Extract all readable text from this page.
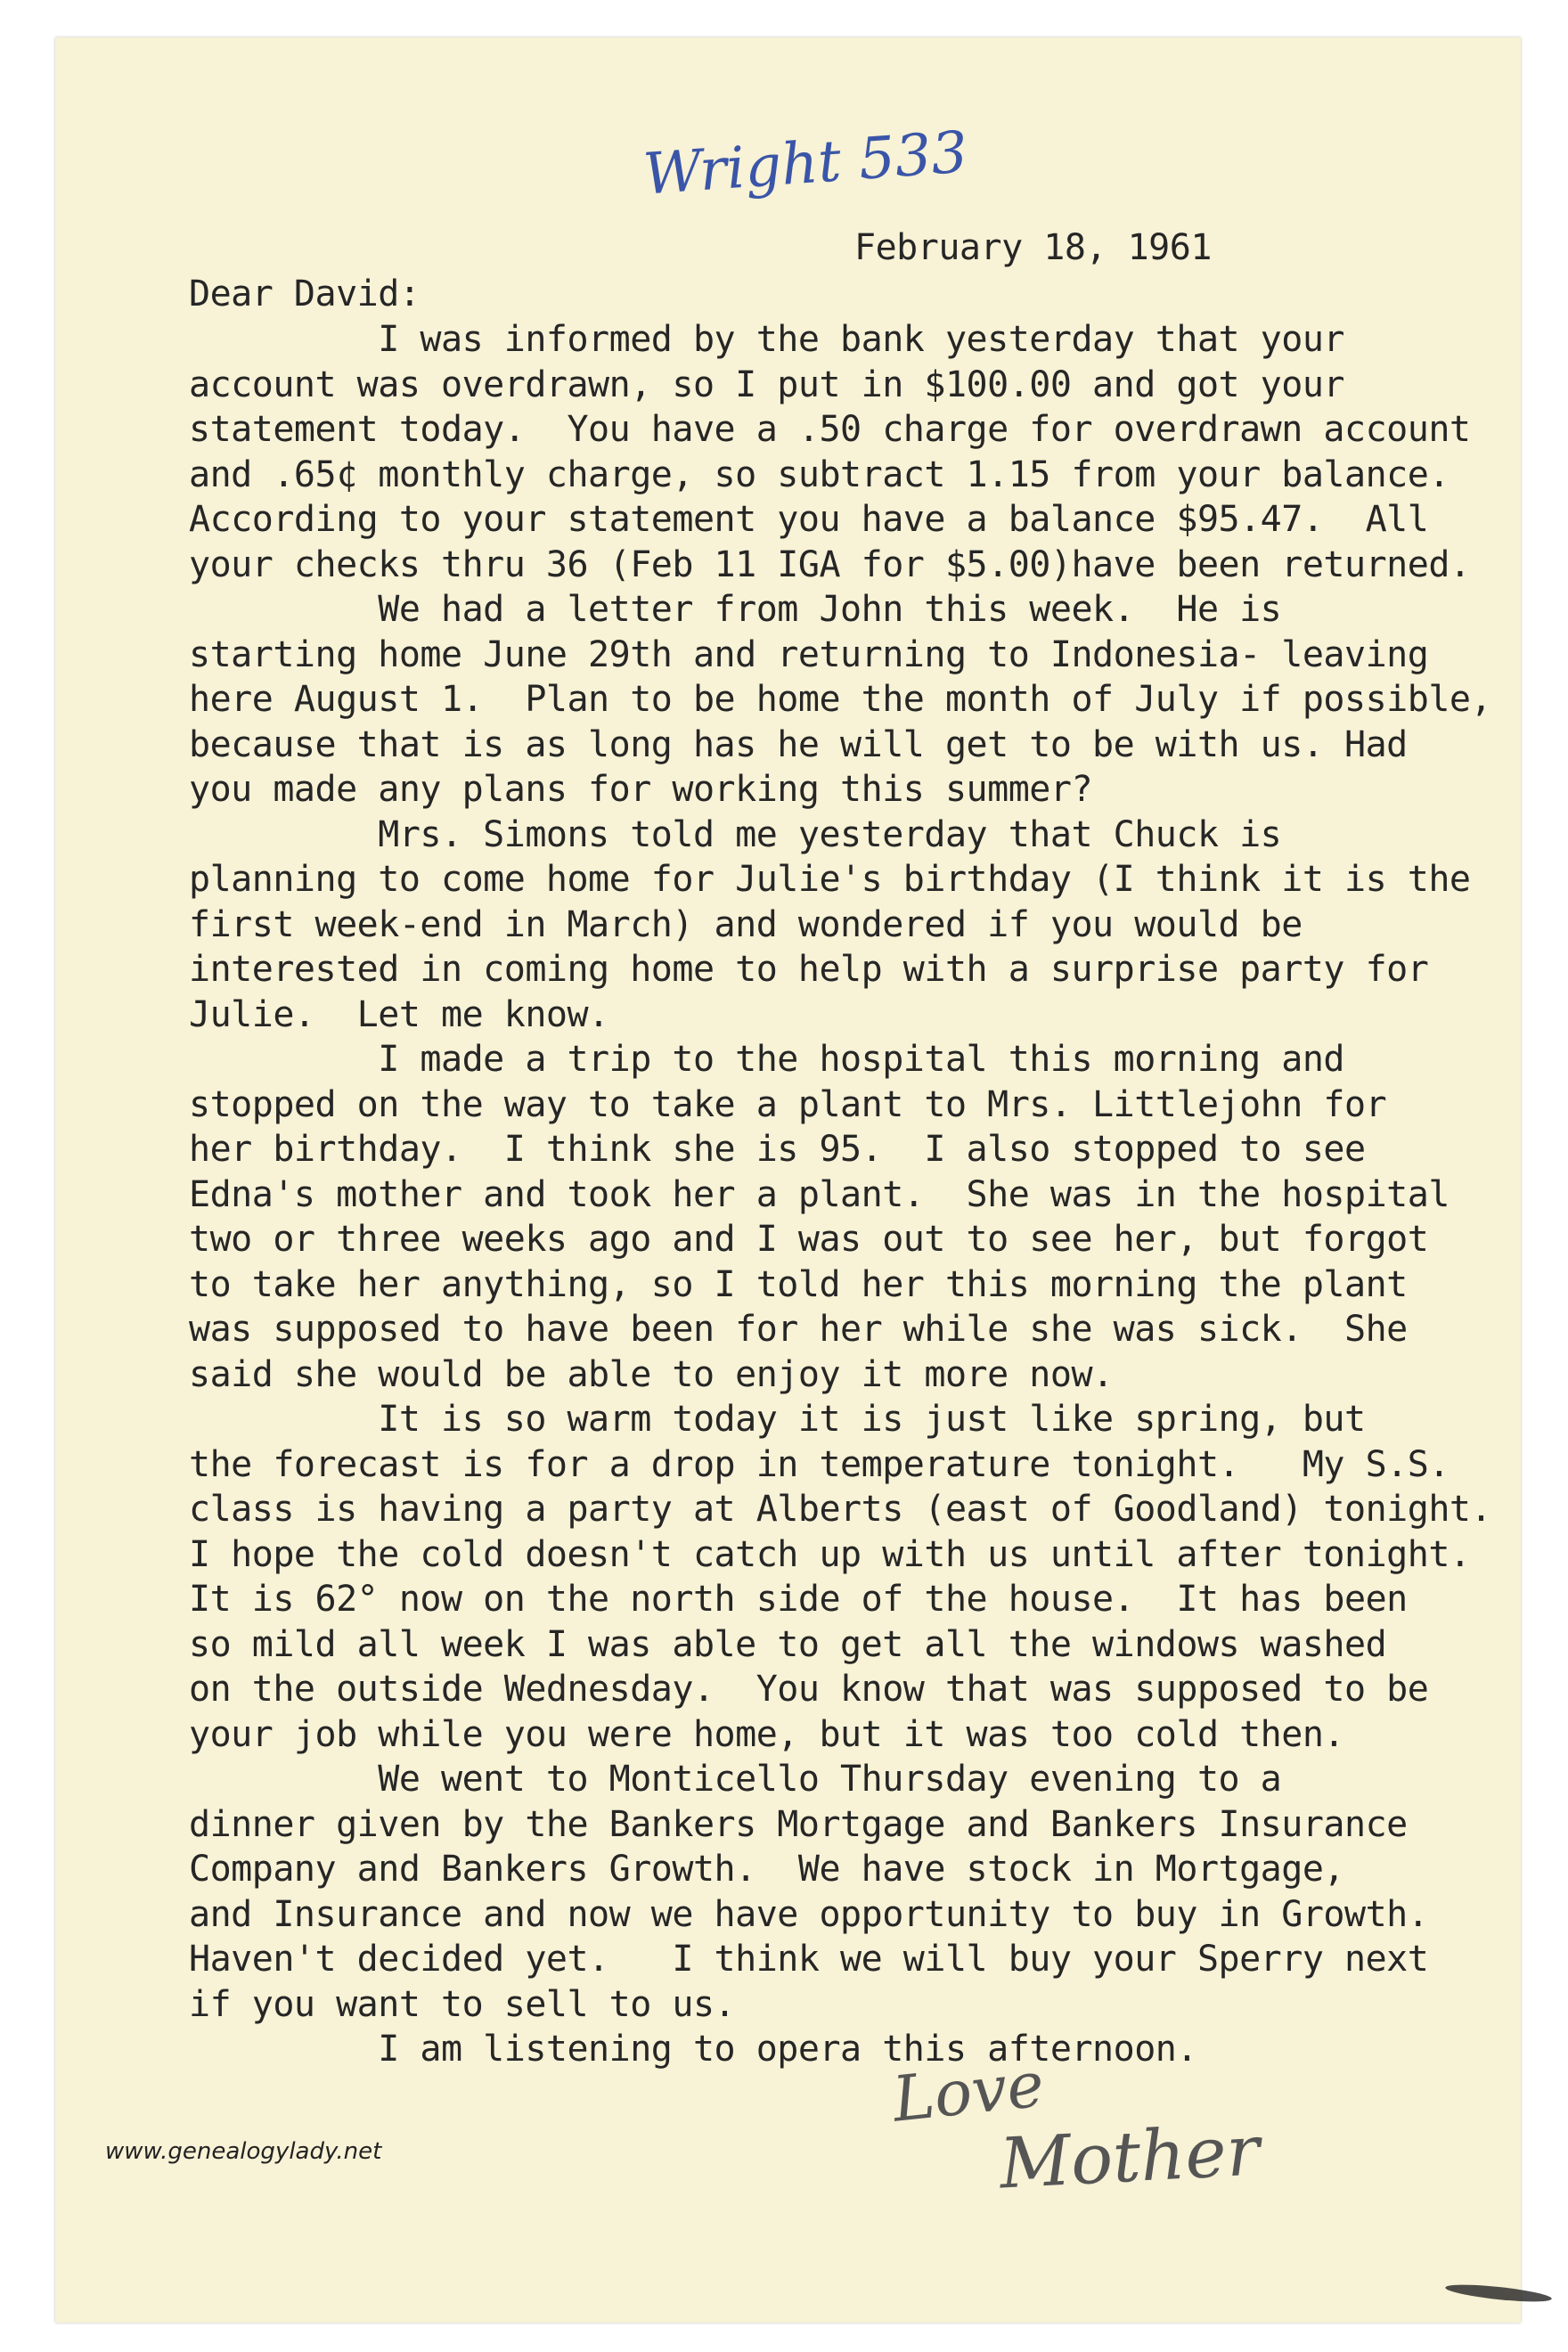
Wright 533

February 18, 1961

Dear David:

I was informed by the bank yesterday that your
account was overdrawn, so I put in $100.00 and got your
statement today.  You have a .50 charge for overdrawn account
and .65¢ monthly charge, so subtract 1.15 from your balance.
According to your statement you have a balance $95.47.  All
your checks thru 36 (Feb 11 IGA for $5.00)have been returned.
We had a letter from John this week.  He is
starting home June 29th and returning to Indonesia- leaving
here August 1.  Plan to be home the month of July if possible,
because that is as long has he will get to be with us. Had
you made any plans for working this summer?
Mrs. Simons told me yesterday that Chuck is
planning to come home for Julie's birthday (I think it is the
first week-end in March) and wondered if you would be
interested in coming home to help with a surprise party for
Julie.  Let me know.
I made a trip to the hospital this morning and
stopped on the way to take a plant to Mrs. Littlejohn for
her birthday.  I think she is 95.  I also stopped to see
Edna's mother and took her a plant.  She was in the hospital
two or three weeks ago and I was out to see her, but forgot
to take her anything, so I told her this morning the plant
was supposed to have been for her while she was sick.  She
said she would be able to enjoy it more now.
It is so warm today it is just like spring, but
the forecast is for a drop in temperature tonight.   My S.S.
class is having a party at Alberts (east of Goodland) tonight.
I hope the cold doesn't catch up with us until after tonight.
It is 62° now on the north side of the house.  It has been
so mild all week I was able to get all the windows washed
on the outside Wednesday.  You know that was supposed to be
your job while you were home, but it was too cold then.
We went to Monticello Thursday evening to a
dinner given by the Bankers Mortgage and Bankers Insurance
Company and Bankers Growth.  We have stock in Mortgage,
and Insurance and now we have opportunity to buy in Growth.
Haven't decided yet.   I think we will buy your Sperry next
if you want to sell to us.
I am listening to opera this afternoon.
Love
Mother
www.genealogylady.net
